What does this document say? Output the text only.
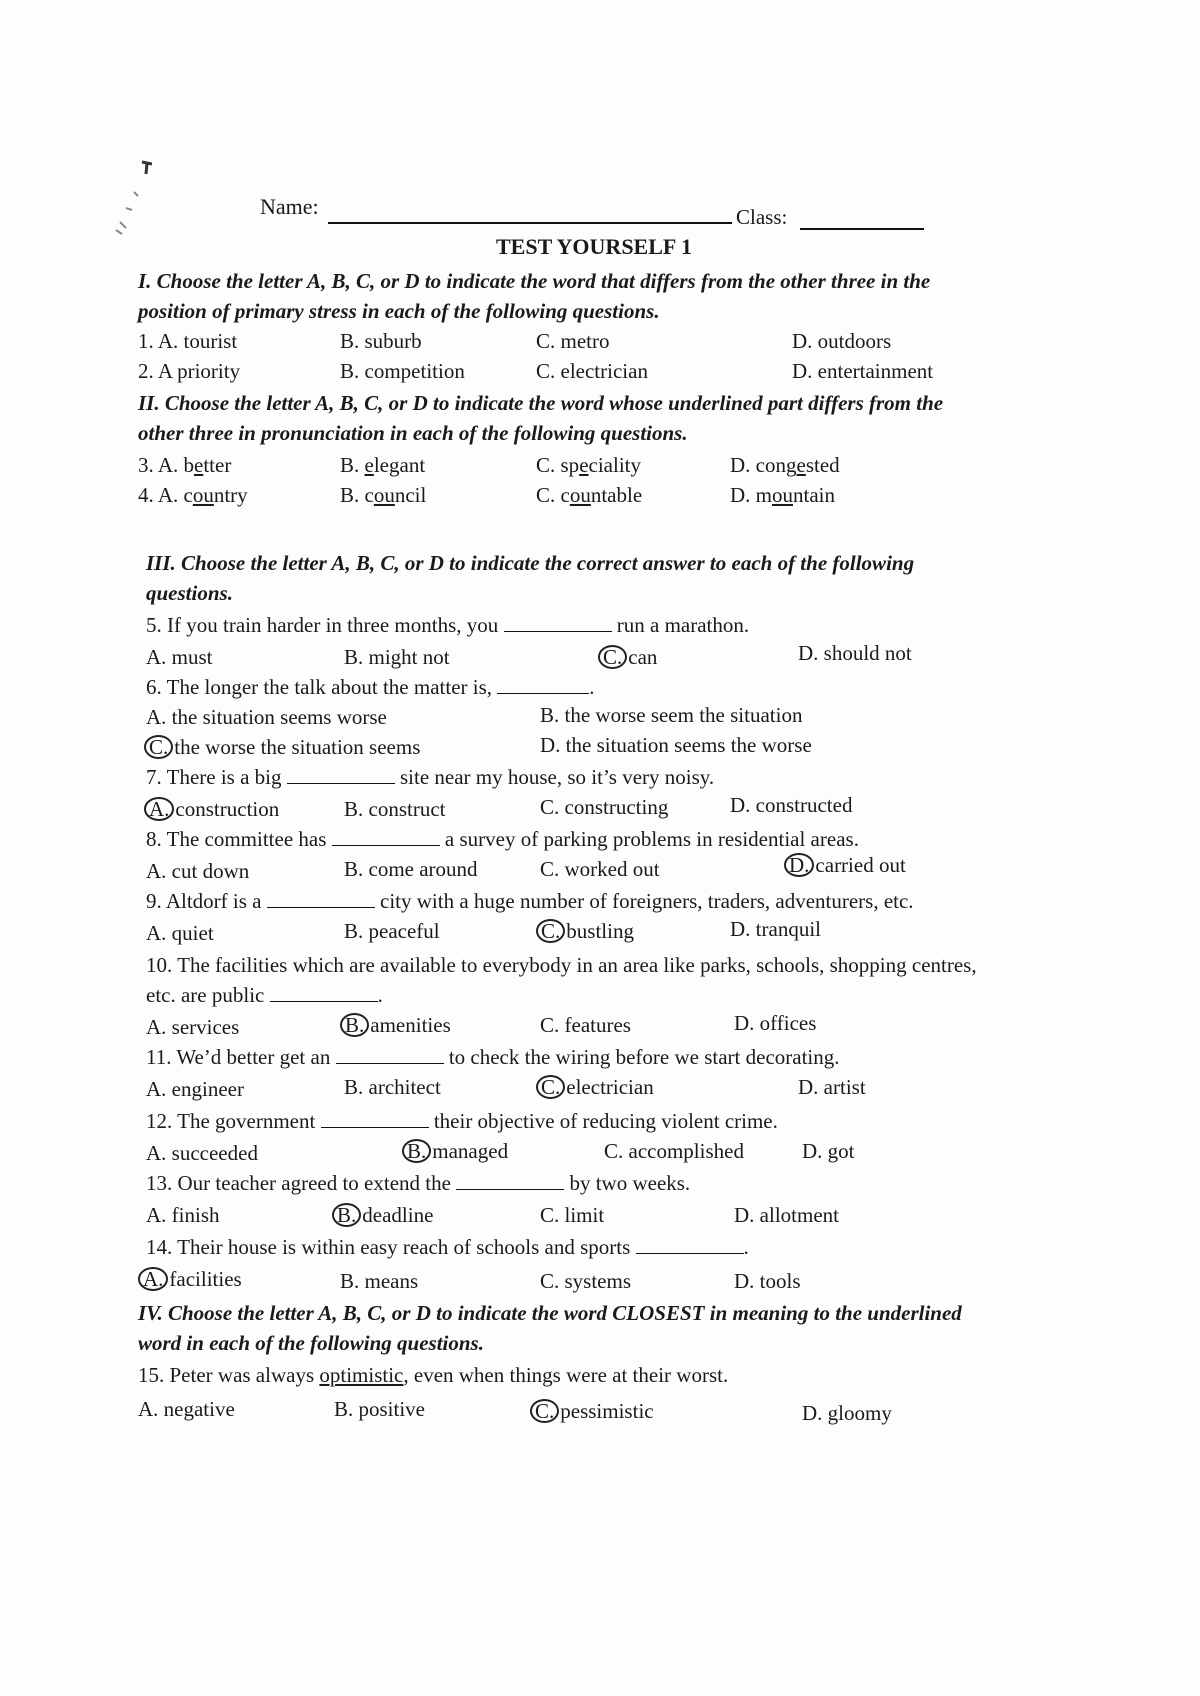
Name:	Class:
TEST YOURSELF 1
I. Choose the letter A, B, C, or D to indicate the word that differs from the other three in the
position of primary stress in each of the following questions.
1. A. tourist	B. suburb	C. metro	D. outdoors
2. A priority	B. competition	C. electrician	D. entertainment
II. Choose the letter A, B, C, or D to indicate the word whose underlined part differs from the
other three in pronunciation in each of the following questions.
3. A. better	B. elegant	C. speciality	D. congested
4. A. country	B. council	C. countable	D. mountain
III. Choose the letter A, B, C, or D to indicate the correct answer to each of the following
questions.
5. If you train harder in three months, you	run a marathon.
A. must	B. might not	C. can	D. should not
6. The longer the talk about the matter is,	.
A. the situation seems worse	B. the worse seem the situation
C. the worse the situation seems	D. the situation seems the worse
7. There is a big	site near my house, so it’s very noisy.
A. construction	B. construct	C. constructing	D. constructed
8. The committee has	a survey of parking problems in residential areas.
A. cut down	B. come around	C. worked out	D. carried out
9. Altdorf is a	city with a huge number of foreigners, traders, adventurers, etc.
A. quiet	B. peaceful	C. bustling	D. tranquil
10. The facilities which are available to everybody in an area like parks, schools, shopping centres,
etc. are public	.
A. services	B. amenities	C. features	D. offices
11. We’d better get an	to check the wiring before we start decorating.
A. engineer	B. architect	C. electrician	D. artist
12. The government	their objective of reducing violent crime.
A. succeeded	B. managed	C. accomplished	D. got
13. Our teacher agreed to extend the	by two weeks.
A. finish	B. deadline	C. limit	D. allotment
14. Their house is within easy reach of schools and sports	.
A. facilities	B. means	C. systems	D. tools
IV. Choose the letter A, B, C, or D to indicate the word CLOSEST in meaning to the underlined
word in each of the following questions.
15. Peter was always optimistic, even when things were at their worst.
A. negative	B. positive	C. pessimistic	D. gloomy
